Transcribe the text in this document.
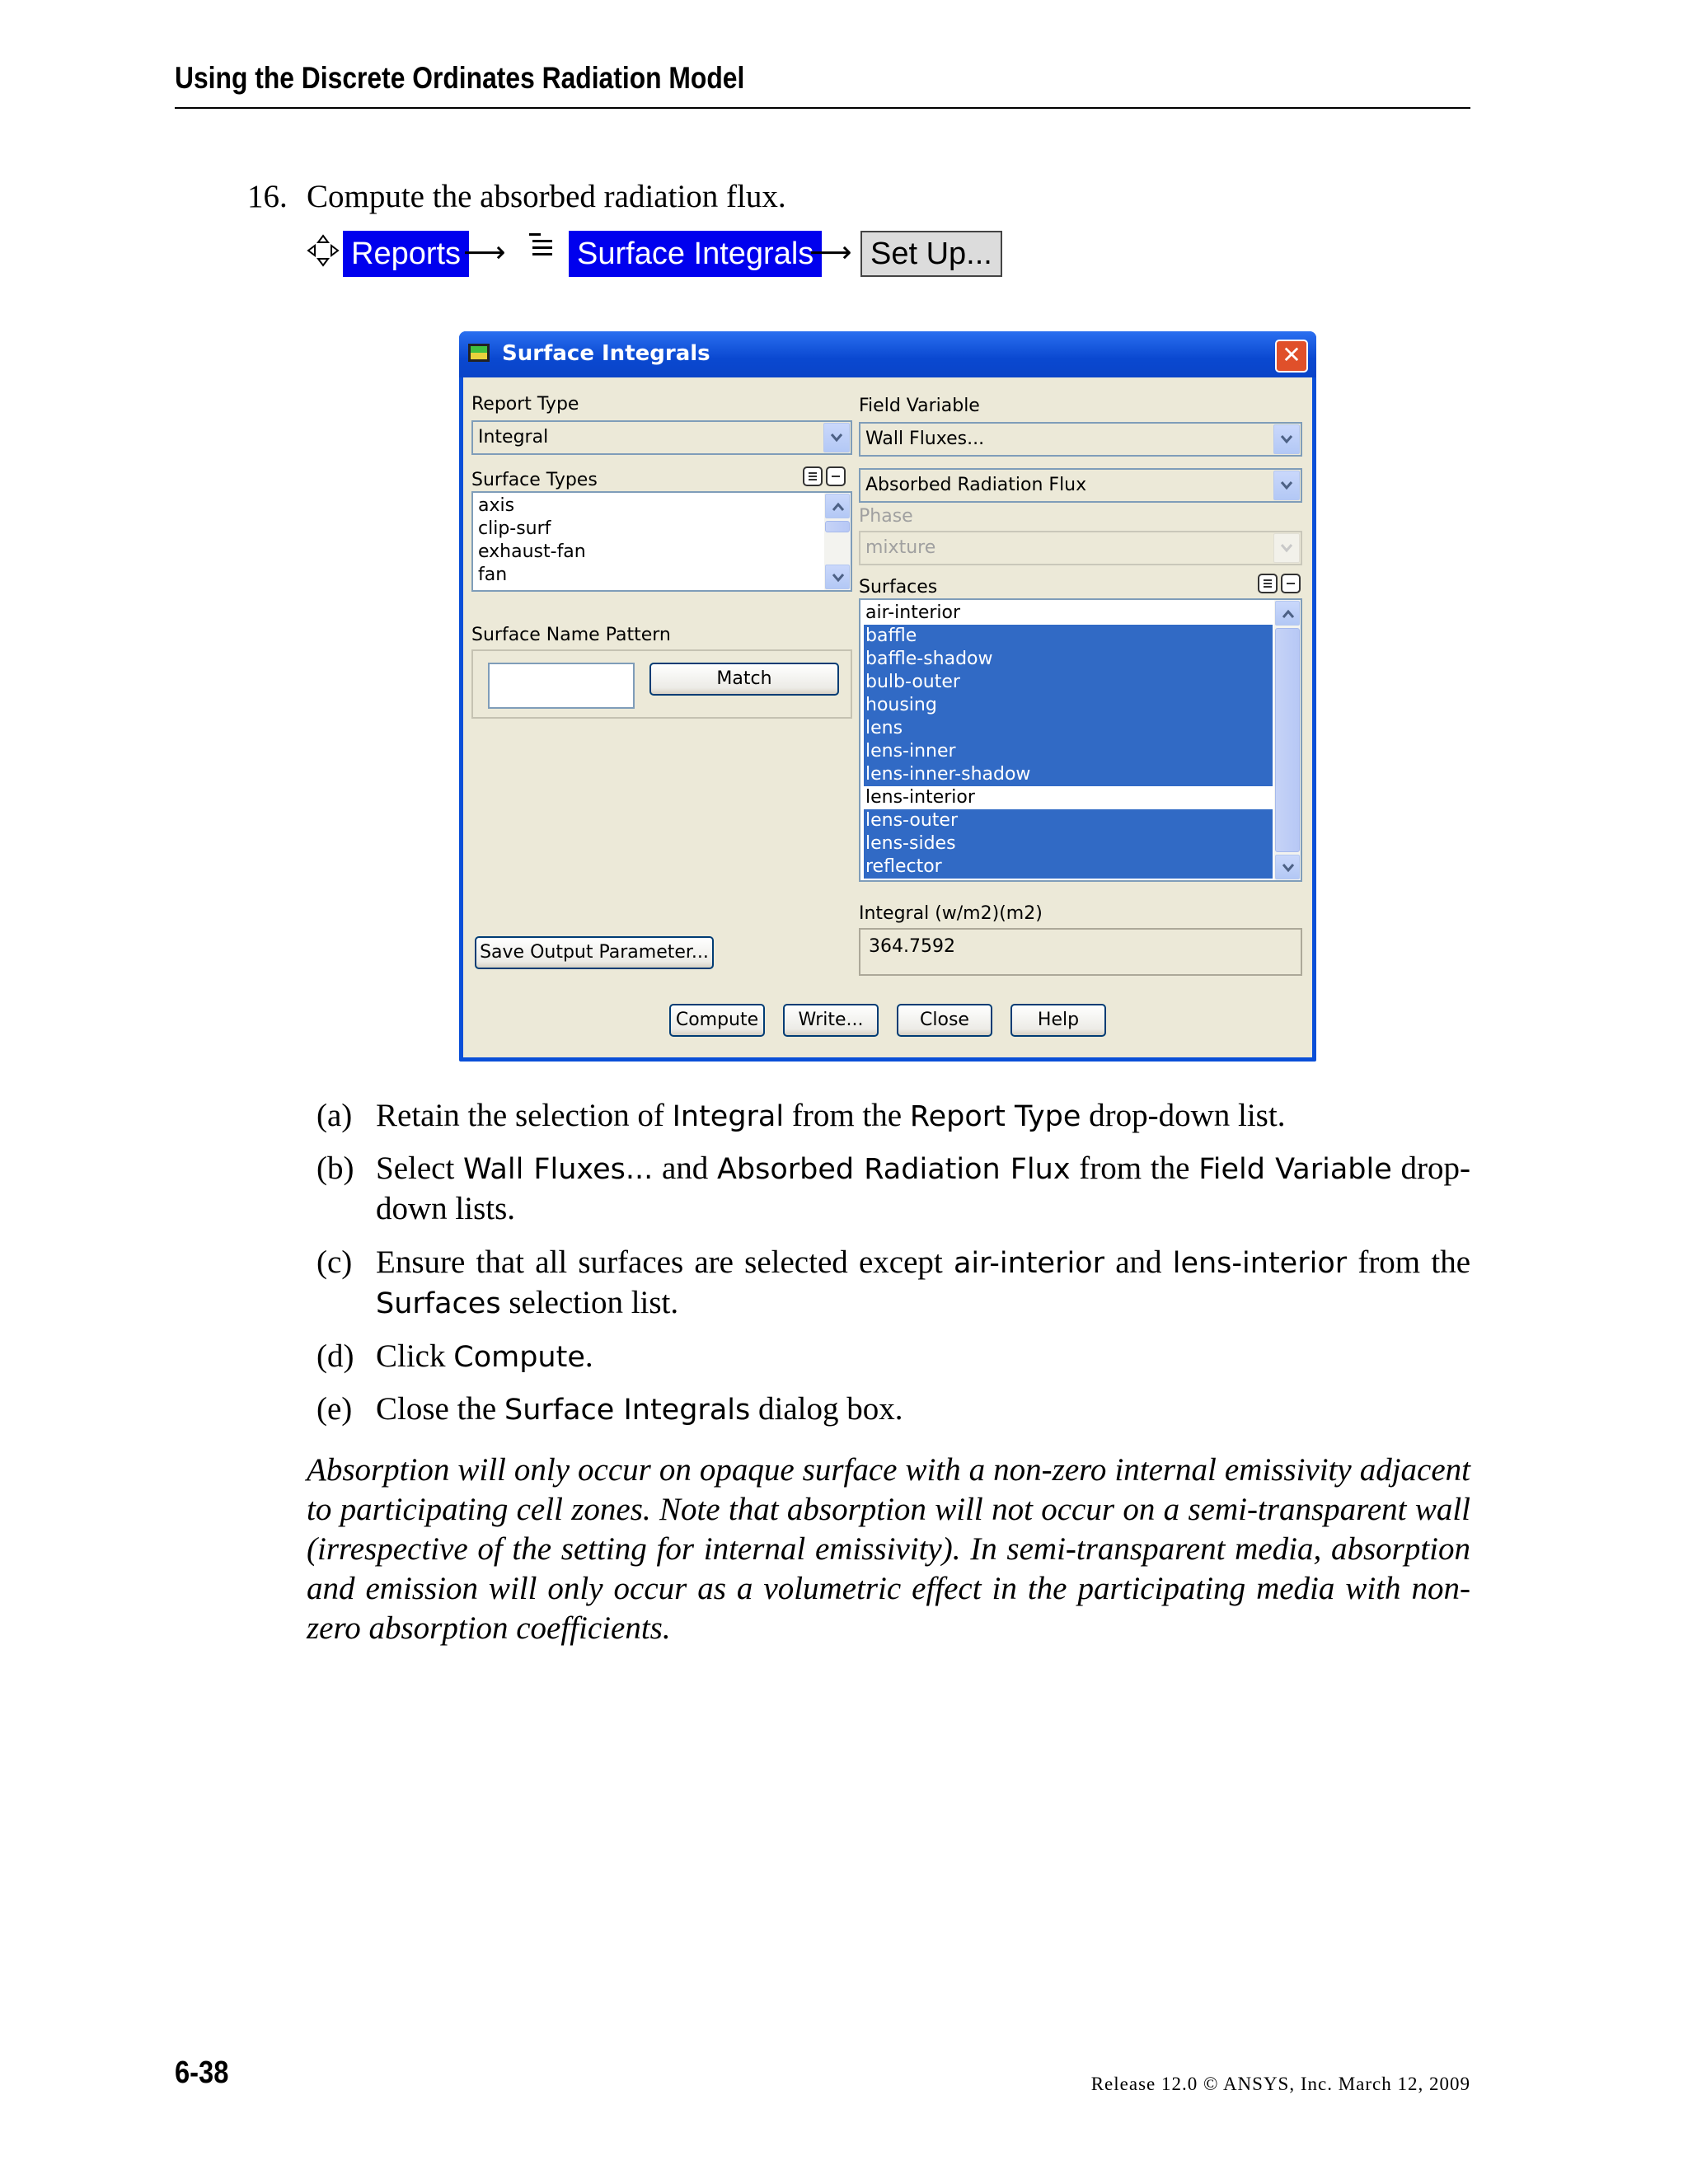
Using the Discrete Ordinates Radiation Model
16. Compute the absorbed radiation flux.
Reports ⟶ Surface Integrals
⟶ Set Up...
Surface Integrals	✕
Report Type
Integral
Surface Types
axis
clip-surf
exhaust-fan
fan
Surface Name Pattern
Match
Field Variable
Wall Fluxes...
Absorbed Radiation Flux
Phase
mixture
Surfaces
air-interior
baffle
baffle-shadow
bulb-outer
housing
lens
lens-inner
lens-inner-shadow
lens-interior
lens-outer
lens-sides
reflector
Integral (w/m2)(m2)
364.7592
Save Output Parameter...
Compute	Write...	Close	Help
(a) Retain the selection of Integral from the Report Type drop-down list.
(b) Select Wall Fluxes... and Absorbed Radiation Flux from the Field Variable drop-down lists.
(c) Ensure that all surfaces are selected except air-interior and lens-interior from the Surfaces selection list.
(d) Click Compute.
(e) Close the Surface Integrals dialog box.
Absorption will only occur on opaque surface with a non-zero internal emissivity adjacent to participating cell zones. Note that absorption will not occur on a semi-transparent wall (irrespective of the setting for internal emissivity). In semi-transparent media, absorption and emission will only occur as a volumetric effect in the participating media with non-zero absorption coefficients.
6-38	Release 12.0 © ANSYS, Inc. March 12, 2009
